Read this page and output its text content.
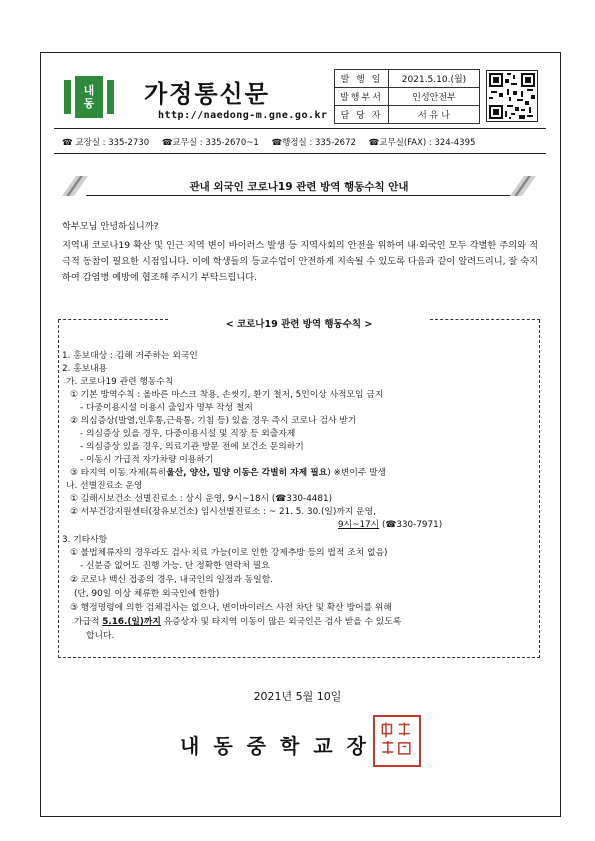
내
동 가정통신문
http://naedong-m.gne.go.kr
발 행 일	2021.5.10.(월)
발행부서	인성안전부
담 당 자	서 유 나
☎ 교장실 : 335-2730 ☎교무실 : 335-2670~1 ☎행정실 : 335-2672 ☎교무실(FAX) : 324-4395
관내 외국인 코로나19 관련 방역 행동수칙 안내
학부모님 안녕하십니까?
지역내 코로나19 확산 및 인근 지역 변이 바이러스 발생 등 지역사회의 안전을 위하여 내·외국인 모두 각별한 주의와 적극적 동참이 필요한 시점입니다. 이에 학생들의 등교수업이 안전하게 지속될 수 있도록 다음과 같이 알려드리니, 잘 숙지하여 감염병 예방에 협조해 주시기 부탁드립니다.
< 코로나19 관련 방역 행동수칙 >
1. 홍보대상 : 김해 거주하는 외국인
2. 홍보내용
가. 코로나19 관련 행동수칙
① 기본 방역수칙 : 올바른 마스크 착용, 손씻기, 환기 철저, 5인이상 사적모임 금지
- 다중이용시설 이용시 출입자 명부 작성 철저
② 의심증상(발열,인후통,근육통, 기침 등) 있을 경우 즉시 코로나 검사 받기
- 의심증상 있을 경우, 다중이용시설 및 직장 등 외출자제
- 의심증상 있을 경우, 의료기관 방문 전에 보건소 문의하기
- 이동시 가급적 자가차량 이용하기
③ 타지역 이동 자제(특히울산, 양산, 밀양 이동은 각별히 자제 필요) ※변이주 발생
나. 선별진료소 운영
① 김해시보건소 선별진료소 : 상시 운영, 9시~18시 (☎330-4481)
② 서부건강지원센터(장유보건소) 임시선별진료소 : ~ 21. 5. 30.(일)까지 운영,
9시~17시 (☎330-7971)
3. 기타사항
① 불법체류자의 경우라도 검사·치료 가능(이로 인한 강제추방 등의 법적 조치 없음)
- 신분증 없어도 진행 가능. 단 정확한 연락처 필요
② 코로나 백신 접종의 경우, 내국인의 일정과 동일함.
(단, 90일 이상 체류한 외국인에 한함)
③ 행정명령에 의한 검체검사는 없으나, 변이바이러스 사전 차단 및 확산 방어를 위해
가급적 5.16.(일)까지 유증상자 및 타지역 이동이 많은 외국인은 검사 받을 수 있도록
합니다.
2021년 5월 10일
내동중학교장
